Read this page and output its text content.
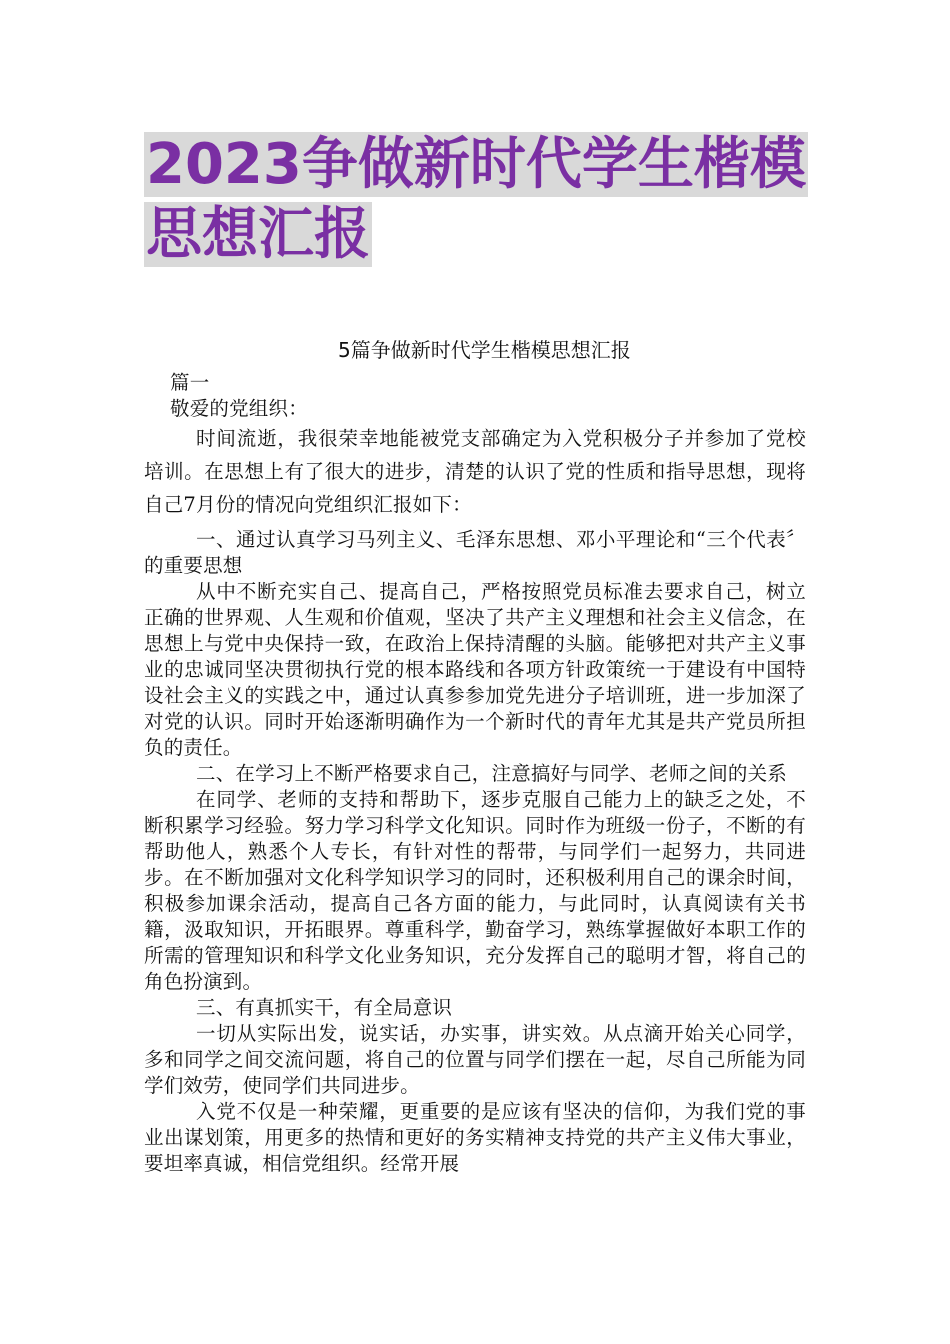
2023争做新时代学生楷模思想汇报
5篇争做新时代学生楷模思想汇报

篇一

敬爱的党组织：

时间流逝，我很荣幸地能被党支部确定为入党积极分子并参加了党校培训。在思想上有了很大的进步，清楚的认识了党的性质和指导思想，现将自己7月份的情况向党组织汇报如下：

一、通过认真学习马列主义、毛泽东思想、邓小平理论和“三个代表〞的重要思想

从中不断充实自己、提高自己，严格按照党员标准去要求自己，树立正确的世界观、人生观和价值观，坚决了共产主义理想和社会主义信念，在思想上与党中央保持一致，在政治上保持清醒的头脑。能够把对共产主义事业的忠诚同坚决贯彻执行党的根本路线和各项方针政策统一于建设有中国特设社会主义的实践之中，通过认真参参加党先进分子培训班，进一步加深了对党的认识。同时开始逐渐明确作为一个新时代的青年尤其是共产党员所担负的责任。

二、在学习上不断严格要求自己，注意搞好与同学、老师之间的关系

在同学、老师的支持和帮助下，逐步克服自己能力上的缺乏之处，不断积累学习经验。努力学习科学文化知识。同时作为班级一份子，不断的有帮助他人，熟悉个人专长，有针对性的帮带，与同学们一起努力，共同进步。在不断加强对文化科学知识学习的同时，还积极利用自己的课余时间，积极参加课余活动，提高自己各方面的能力，与此同时，认真阅读有关书籍，汲取知识，开拓眼界。尊重科学，勤奋学习，熟练掌握做好本职工作的所需的管理知识和科学文化业务知识，充分发挥自己的聪明才智，将自己的角色扮演到。

三、有真抓实干，有全局意识

一切从实际出发，说实话，办实事，讲实效。从点滴开始关心同学，多和同学之间交流问题，将自己的位置与同学们摆在一起，尽自己所能为同学们效劳，使同学们共同进步。

入党不仅是一种荣耀，更重要的是应该有坚决的信仰，为我们党的事业出谋划策，用更多的热情和更好的务实精神支持党的共产主义伟大事业，要坦率真诚，相信党组织。经常开展
